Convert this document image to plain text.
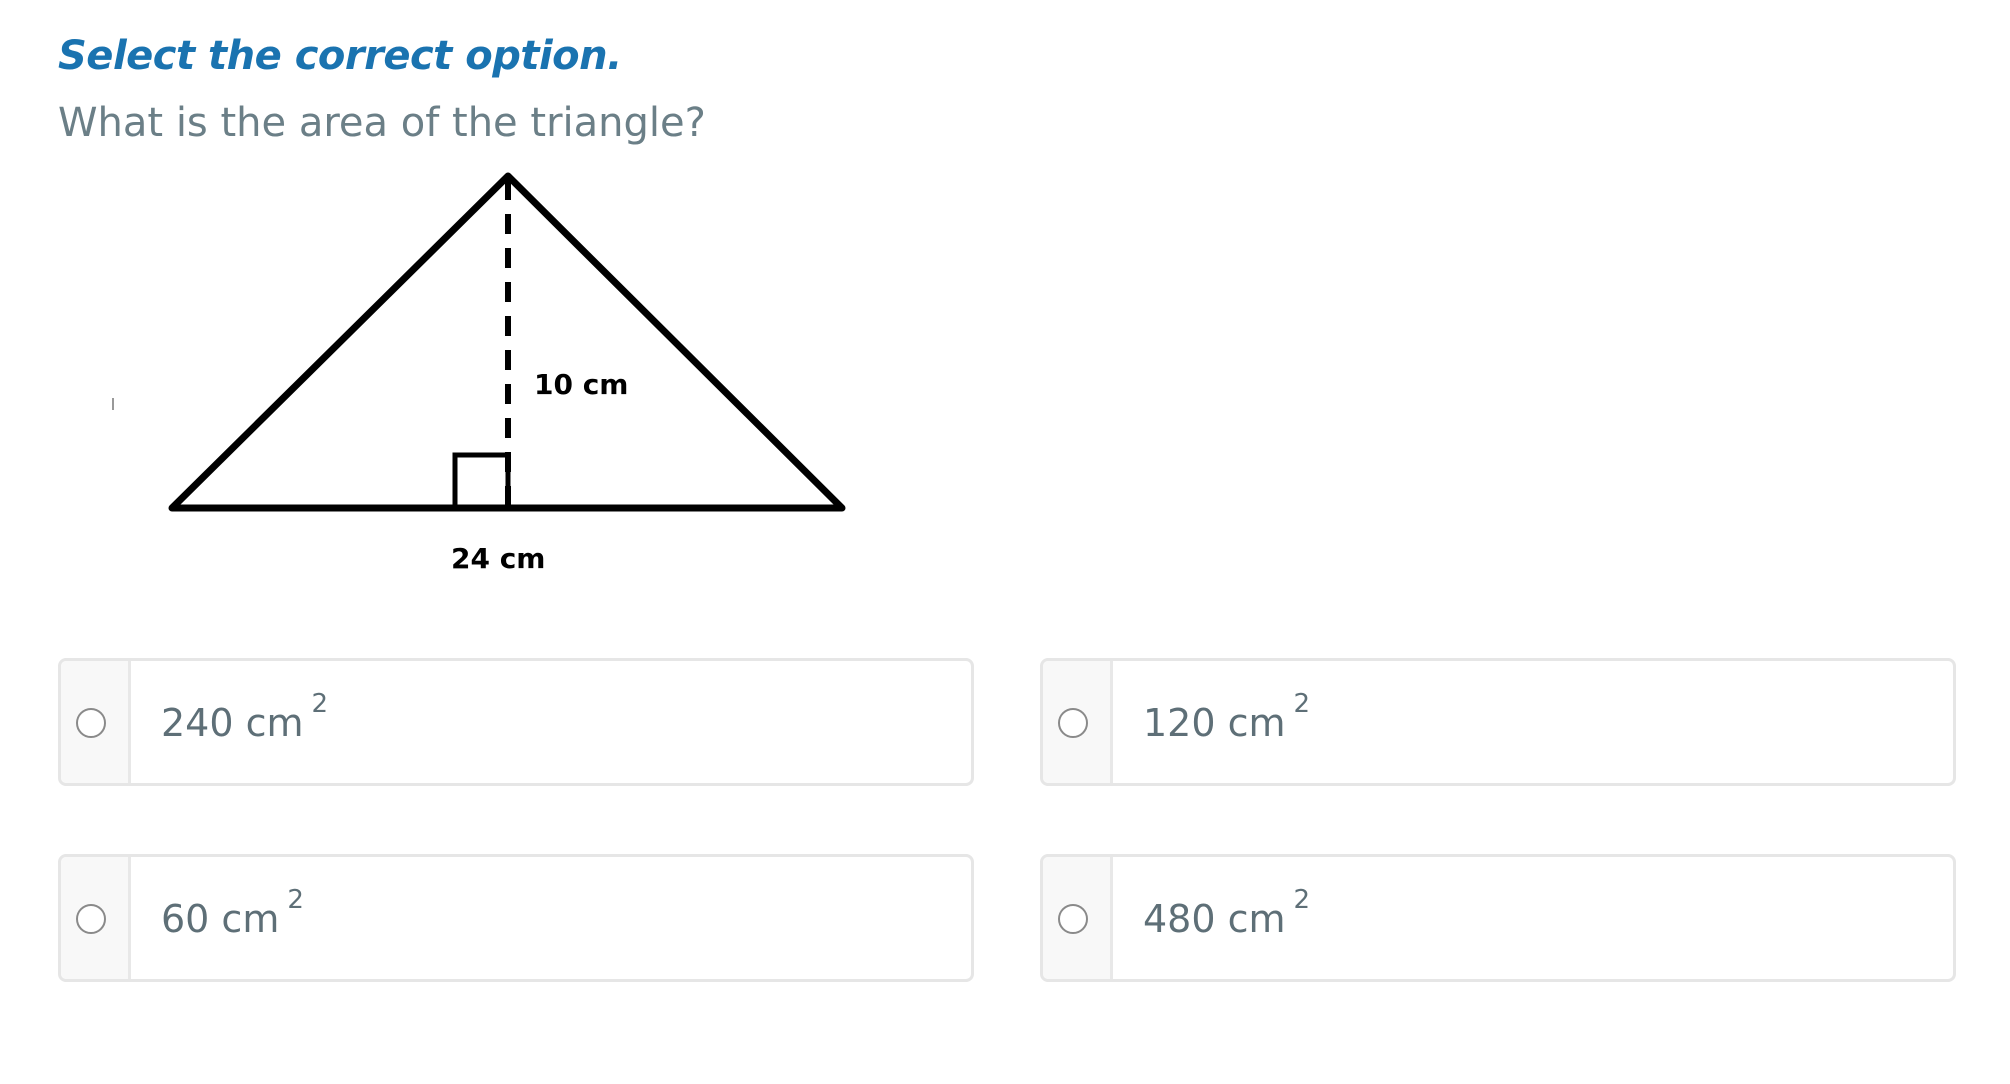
Select the correct option.
What is the area of the triangle?
10 cm
24 cm
240 cm $^2$	120 cm $^2$
60 cm $^2$	480 cm $^2$
